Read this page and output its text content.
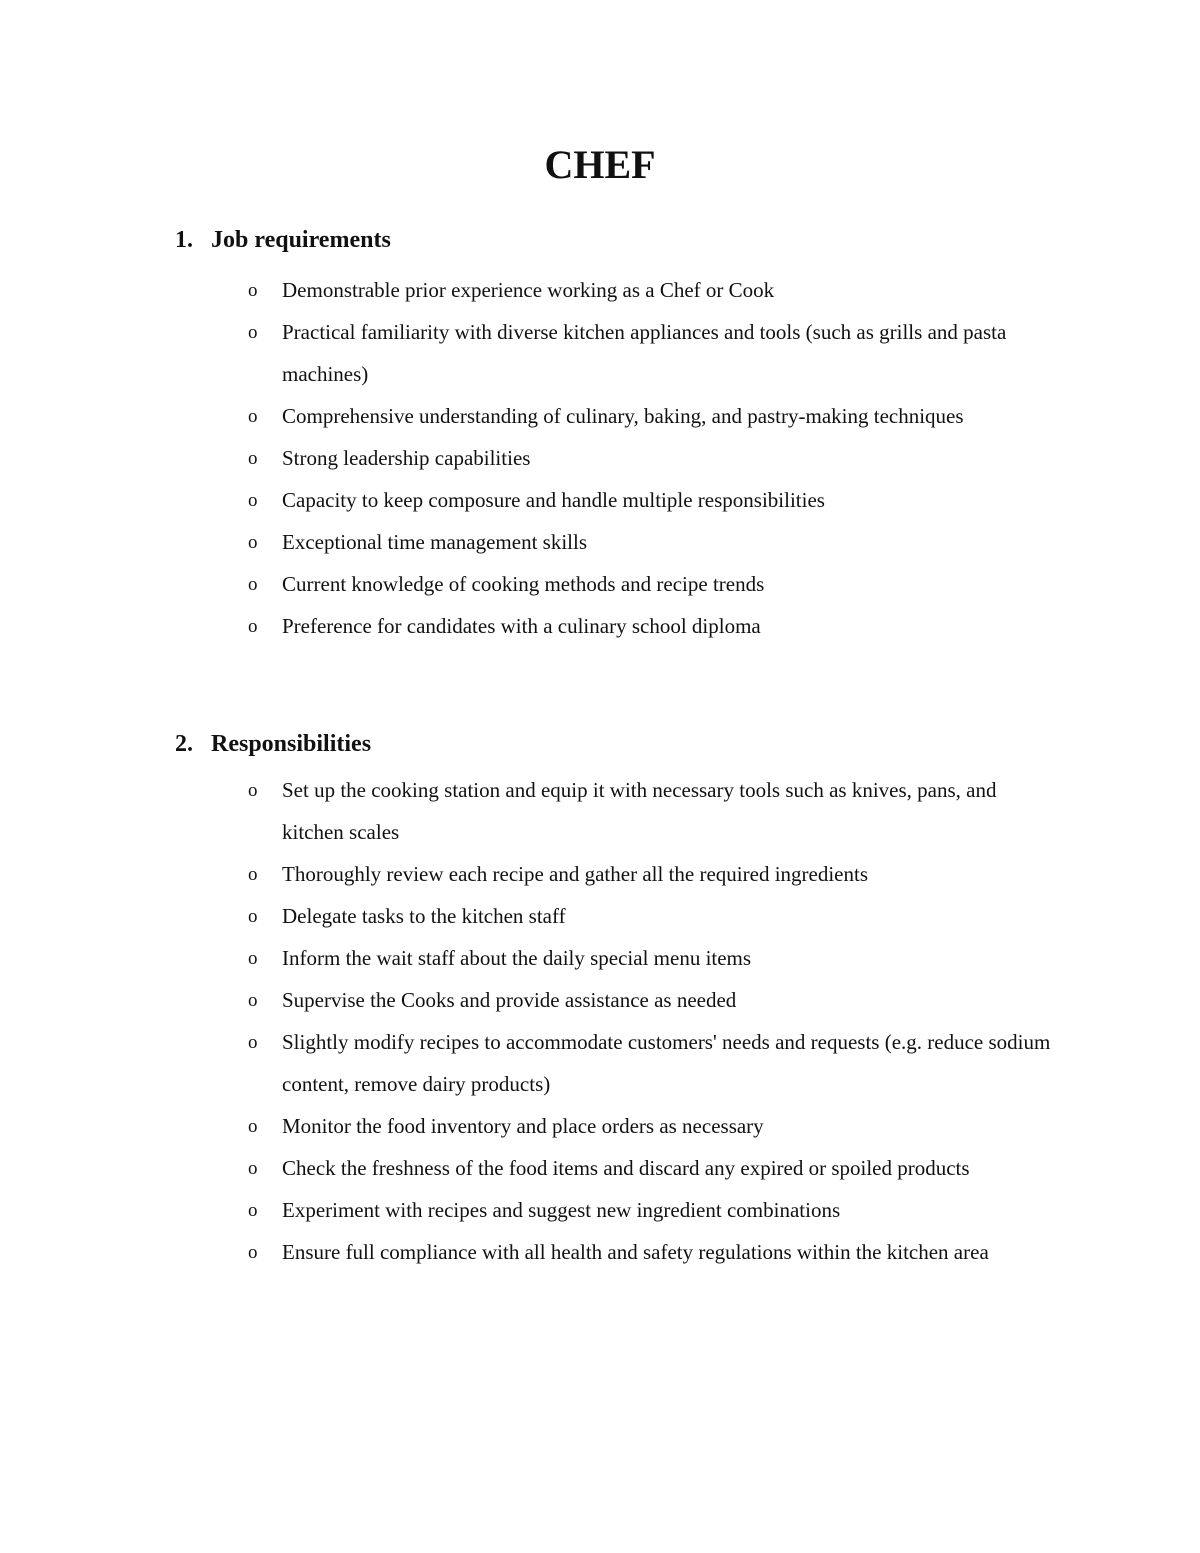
CHEF
1. Job requirements
o Demonstrable prior experience working as a Chef or Cook
o Practical familiarity with diverse kitchen appliances and tools (such as grills and pasta machines)
o Comprehensive understanding of culinary, baking, and pastry-making techniques
o Strong leadership capabilities
o Capacity to keep composure and handle multiple responsibilities
o Exceptional time management skills
o Current knowledge of cooking methods and recipe trends
o Preference for candidates with a culinary school diploma
2. Responsibilities
o Set up the cooking station and equip it with necessary tools such as knives, pans, and kitchen scales
o Thoroughly review each recipe and gather all the required ingredients
o Delegate tasks to the kitchen staff
o Inform the wait staff about the daily special menu items
o Supervise the Cooks and provide assistance as needed
o Slightly modify recipes to accommodate customers' needs and requests (e.g. reduce sodium content, remove dairy products)
o Monitor the food inventory and place orders as necessary
o Check the freshness of the food items and discard any expired or spoiled products
o Experiment with recipes and suggest new ingredient combinations
o Ensure full compliance with all health and safety regulations within the kitchen area
